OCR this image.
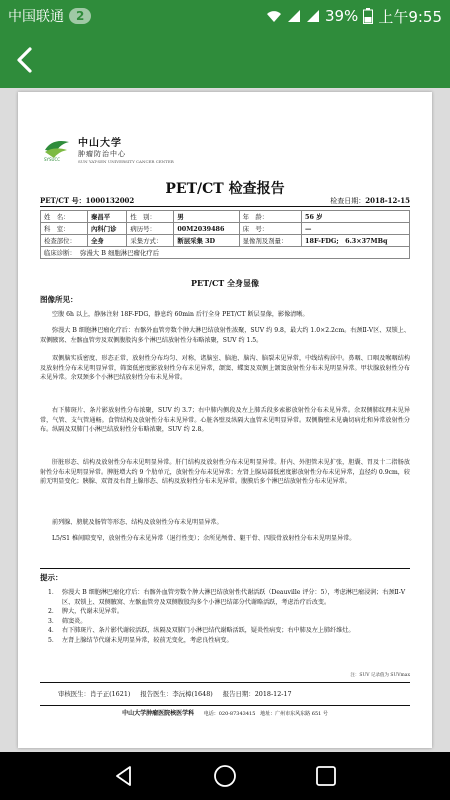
中国联通	2	39% 上午9:55
SYSUCC
中山大学
肿瘤防治中心
SUN YAT-SEN UNIVERSITY CANCER CENTER
PET/CT 检查报告
PET/CT 号：1000132002	检查日期：2018-12-15
姓　名：	秦昌平	性　别：	男	年　龄：	56 岁
科　室：	內科门诊	病历号：	00M2039486	床　号：	—
检查部位：	全身	采集方式：	断层采集 3D	显像剂及剂量：	18F-FDG;　6.3×37MBq
临床诊断： 弥漫大 B 细胞淋巴瘤化疗后					
PET/CT 全身显像
图像所见：
空腹 6h 以上，静脉注射 18F-FDG，静息约 60min 后行全身 PET/CT 断层显像，影像清晰。
弥漫大 B 细胞淋巴瘤化疗后：右髂外血管旁数个肿大淋巴结放射性浓聚，SUV 约 9.8，最大约 1.0×2.2cm。右颈Ⅱ-Ⅴ区、双锁上、双侧腋窝、左髂血管旁及双侧腹股沟多个淋巴结放射性分布略浓聚，SUV 约 1.5。
双侧脑实质密度、形态正常，放射性分布均匀、对称，诸脑室、脑池、脑沟、脑裂未见异常，中线结构居中。鼻咽、口咽及喉咽结构及放射性分布未见明显异常，筛窦低密度影放射性分布未见异常，颌窦、蝶窦及双侧上颌窦放射性分布未见明显异常。甲状腺放射性分布未见异常。余双颈多个小淋巴结放射性分布未见异常。
右下肺斑片、条片影放射性分布浓聚，SUV 约 3.7；右中肺内侧段及左上肺舌段多索影放射性分布未见异常。余双侧肺纹理未见异常，气管、支气管通畅。食管结构及放射性分布未见异常。心脏各壁及纵隔大血管未见明显异常。双侧胸壁未见确切病灶和异常放射性分布。纵隔及双肺门小淋巴结放射性分布略浓聚，SUV 约 2.8。
肝脏形态、结构及放射性分布未见明显异常。肝门结构及放射性分布未见明显异常。肝内、外胆管未见扩张，胆囊、胃及十二指肠放射性分布未见明显异常。脾脏增大约 9 个肋单元，放射性分布未见异常；左肾上腺局部低密度影放射性分布未见异常，直径约 0.9cm，较前无明显变化；胰腺、双肾及右肾上腺形态、结构及放射性分布未见异常。腹膜后多个淋巴结放射性分布未见异常。
前列腺、膀胱及肠管等形态、结构及放射性分布未见明显异常。
L5/S1 椎间隙变窄，放射性分布未见异常（退行性变）；余所见颅骨、躯干骨、四肢骨放射性分布未见明显异常。
提示：
1． 弥漫大 B 细胞淋巴瘤化疗后：右髂外血管旁数个肿大淋巴结放射性代谢活跃（Deauville 评分：5），考虑淋巴瘤浸润；右颈Ⅱ-Ⅴ区、双锁上、双侧腋窝、左髂血管旁及双侧腹股沟多个小淋巴结部分代谢略活跃，考虑治疗后改变。
2． 脾大，代谢未见异常。
3． 筛窦炎。
4． 右下肺斑片、条片影代谢较活跃，纵隔及双肺门小淋巴结代谢略活跃，疑炎性病变；右中肺及左上肺纤维灶。
5． 左肾上腺结节代谢未见明显异常，较前无变化，考虑良性病变。
注：SUV 记录值为 SUVmax
审核医生：肖子正(1621) 报告医生：李沅樟(1648) 报告日期：2018-12-17
中山大学肿瘤医院核医学科 电话：020-87343415 地址：广州市东风东路 651 号
